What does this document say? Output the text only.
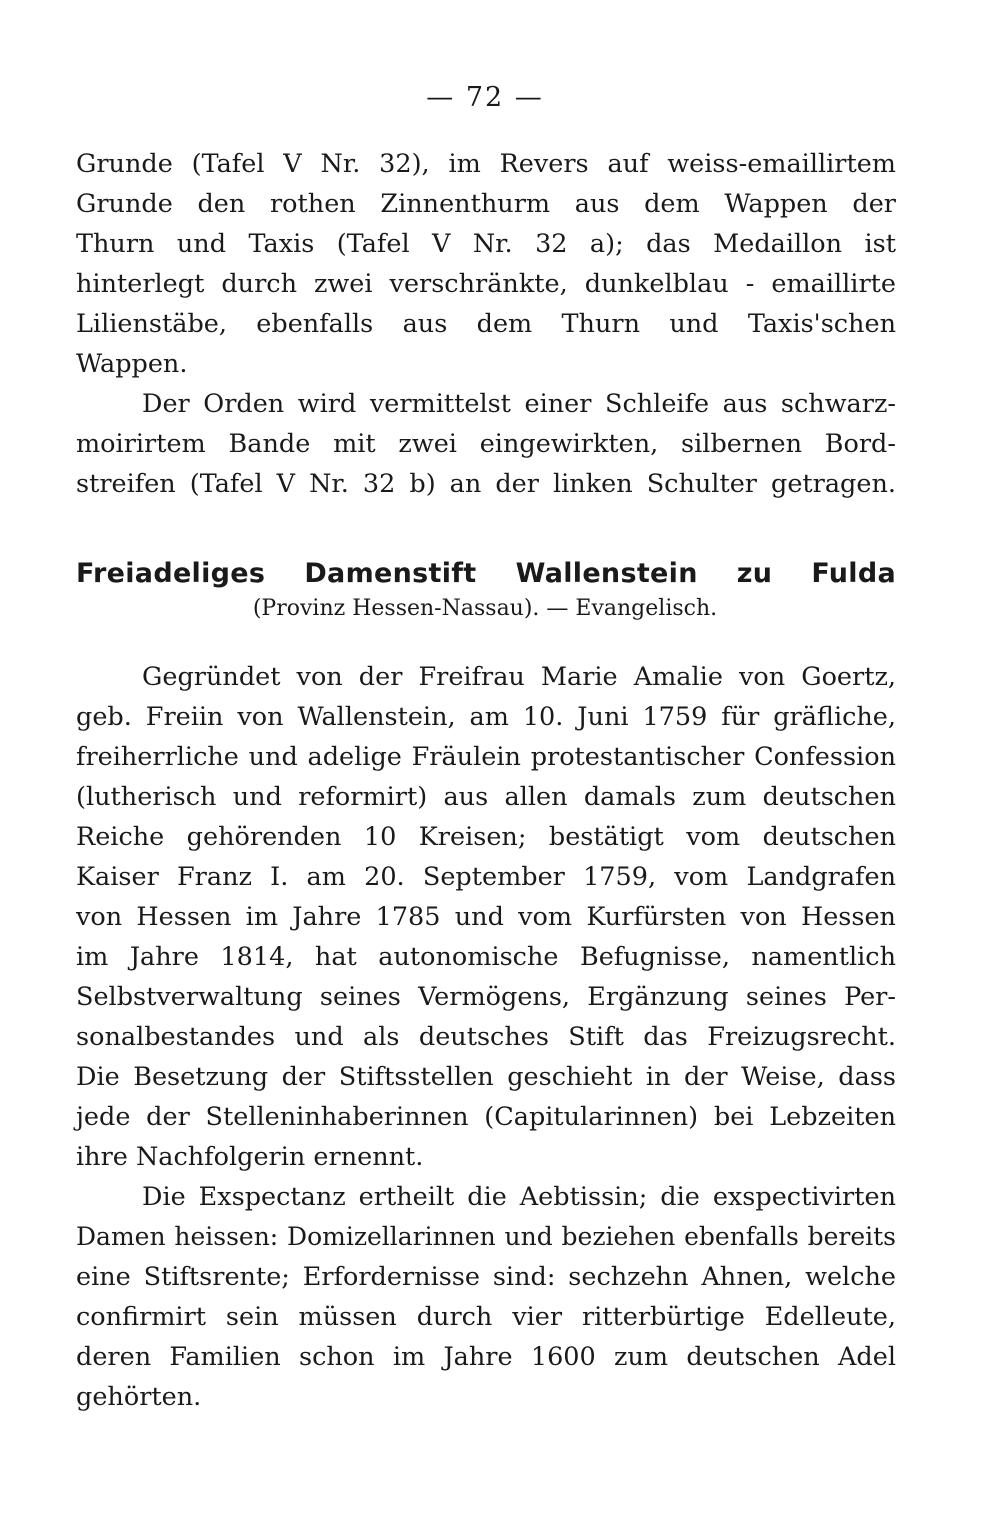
— 72 —
Grunde (Tafel V Nr. 32), im Revers auf weiss-emaillirtem
Grunde den rothen Zinnenthurm aus dem Wappen der
Thurn und Taxis (Tafel V Nr. 32 a); das Medaillon ist
hinterlegt durch zwei verschränkte, dunkelblau - emaillirte
Lilienstäbe, ebenfalls aus dem Thurn und Taxis'schen
Wappen.
Der Orden wird vermittelst einer Schleife aus schwarz-
moirirtem Bande mit zwei eingewirkten, silbernen Bord-
streifen (Tafel V Nr. 32 b) an der linken Schulter getragen.
Freiadeliges Damenstift Wallenstein zu Fulda
(Provinz Hessen-Nassau). — Evangelisch.
Gegründet von der Freifrau Marie Amalie von Goertz,
geb. Freiin von Wallenstein, am 10. Juni 1759 für gräfliche,
freiherrliche und adelige Fräulein protestantischer Confession
(lutherisch und reformirt) aus allen damals zum deutschen
Reiche gehörenden 10 Kreisen; bestätigt vom deutschen
Kaiser Franz I. am 20. September 1759, vom Landgrafen
von Hessen im Jahre 1785 und vom Kurfürsten von Hessen
im Jahre 1814, hat autonomische Befugnisse, namentlich
Selbstverwaltung seines Vermögens, Ergänzung seines Per-
sonalbestandes und als deutsches Stift das Freizugsrecht.
Die Besetzung der Stiftsstellen geschieht in der Weise, dass
jede der Stelleninhaberinnen (Capitularinnen) bei Lebzeiten
ihre Nachfolgerin ernennt.
Die Exspectanz ertheilt die Aebtissin; die exspectivirten
Damen heissen: Domizellarinnen und beziehen ebenfalls bereits
eine Stiftsrente; Erfordernisse sind: sechzehn Ahnen, welche
confirmirt sein müssen durch vier ritterbürtige Edelleute,
deren Familien schon im Jahre 1600 zum deutschen Adel
gehörten.
